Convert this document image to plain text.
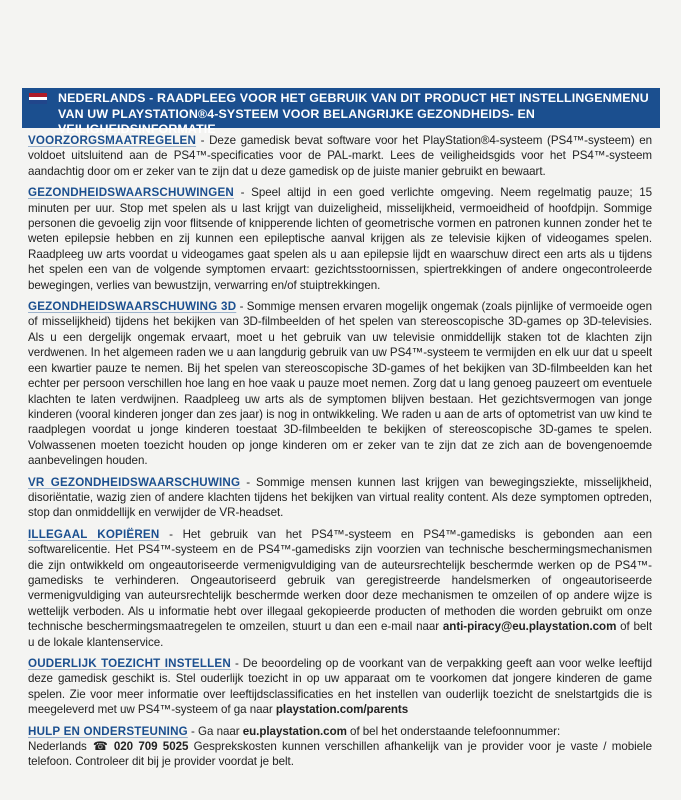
NEDERLANDS - RAADPLEEG VOOR HET GEBRUIK VAN DIT PRODUCT HET INSTELLINGENMENU VAN UW PLAYSTATION®4-SYSTEEM VOOR BELANGRIJKE GEZONDHEIDS- EN VEILIGHEIDSINFORMATIE

VOORZORGSMAATREGELEN - Deze gamedisk bevat software voor het PlayStation®4-systeem (PS4™-systeem) en voldoet uitsluitend aan de PS4™-specificaties voor de PAL-markt. Lees de veiligheidsgids voor het PS4™-systeem aandachtig door om er zeker van te zijn dat u deze gamedisk op de juiste manier gebruikt en bewaart.

GEZONDHEIDSWAARSCHUWINGEN - Speel altijd in een goed verlichte omgeving. Neem regelmatig pauze; 15 minuten per uur. Stop met spelen als u last krijgt van duizeligheid, misselijkheid, vermoeidheid of hoofdpijn. Sommige personen die gevoelig zijn voor flitsende of knipperende lichten of geometrische vormen en patronen kunnen zonder het te weten epilepsie hebben en zij kunnen een epileptische aanval krijgen als ze televisie kijken of videogames spelen. Raadpleeg uw arts voordat u videogames gaat spelen als u aan epilepsie lijdt en waarschuw direct een arts als u tijdens het spelen een van de volgende symptomen ervaart: gezichtsstoornissen, spiertrekkingen of andere ongecontroleerde bewegingen, verlies van bewustzijn, verwarring en/of stuiptrekkingen.

GEZONDHEIDSWAARSCHUWING 3D - Sommige mensen ervaren mogelijk ongemak (zoals pijnlijke of vermoeide ogen of misselijkheid) tijdens het bekijken van 3D-filmbeelden of het spelen van stereoscopische 3D-games op 3D-televisies. Als u een dergelijk ongemak ervaart, moet u het gebruik van uw televisie onmiddellijk staken tot de klachten zijn verdwenen. In het algemeen raden we u aan langdurig gebruik van uw PS4™-systeem te vermijden en elk uur dat u speelt een kwartier pauze te nemen. Bij het spelen van stereoscopische 3D-games of het bekijken van 3D-filmbeelden kan het echter per persoon verschillen hoe lang en hoe vaak u pauze moet nemen. Zorg dat u lang genoeg pauzeert om eventuele klachten te laten verdwijnen. Raadpleeg uw arts als de symptomen blijven bestaan. Het gezichtsvermogen van jonge kinderen (vooral kinderen jonger dan zes jaar) is nog in ontwikkeling. We raden u aan de arts of optometrist van uw kind te raadplegen voordat u jonge kinderen toestaat 3D-filmbeelden te bekijken of stereoscopische 3D-games te spelen. Volwassenen moeten toezicht houden op jonge kinderen om er zeker van te zijn dat ze zich aan de bovengenoemde aanbevelingen houden.

VR GEZONDHEIDSWAARSCHUWING - Sommige mensen kunnen last krijgen van bewegingsziekte, misselijkheid, disoriëntatie, wazig zien of andere klachten tijdens het bekijken van virtual reality content. Als deze symptomen optreden, stop dan onmiddellijk en verwijder de VR-headset.

ILLEGAAL KOPIËREN - Het gebruik van het PS4™-systeem en PS4™-gamedisks is gebonden aan een softwarelicentie. Het PS4™-systeem en de PS4™-gamedisks zijn voorzien van technische beschermingsmechanismen die zijn ontwikkeld om ongeautoriseerde vermenigvuldiging van de auteursrechtelijk beschermde werken op de PS4™-gamedisks te verhinderen. Ongeautoriseerd gebruik van geregistreerde handelsmerken of ongeautoriseerde vermenigvuldiging van auteursrechtelijk beschermde werken door deze mechanismen te omzeilen of op andere wijze is wettelijk verboden. Als u informatie hebt over illegaal gekopieerde producten of methoden die worden gebruikt om onze technische beschermingsmaatregelen te omzeilen, stuurt u dan een e-mail naar anti-piracy@eu.playstation.com of belt u de lokale klantenservice.

OUDERLIJK TOEZICHT INSTELLEN - De beoordeling op de voorkant van de verpakking geeft aan voor welke leeftijd deze gamedisk geschikt is. Stel ouderlijk toezicht in op uw apparaat om te voorkomen dat jongere kinderen de game spelen. Zie voor meer informatie over leeftijdsclassificaties en het instellen van ouderlijk toezicht de snelstartgids die is meegeleverd met uw PS4™-systeem of ga naar playstation.com/parents

HULP EN ONDERSTEUNING - Ga naar eu.playstation.com of bel het onderstaande telefoonnummer:
Nederlands ☎ 020 709 5025 Gesprekskosten kunnen verschillen afhankelijk van je provider voor je vaste / mobiele telefoon. Controleer dit bij je provider voordat je belt.
